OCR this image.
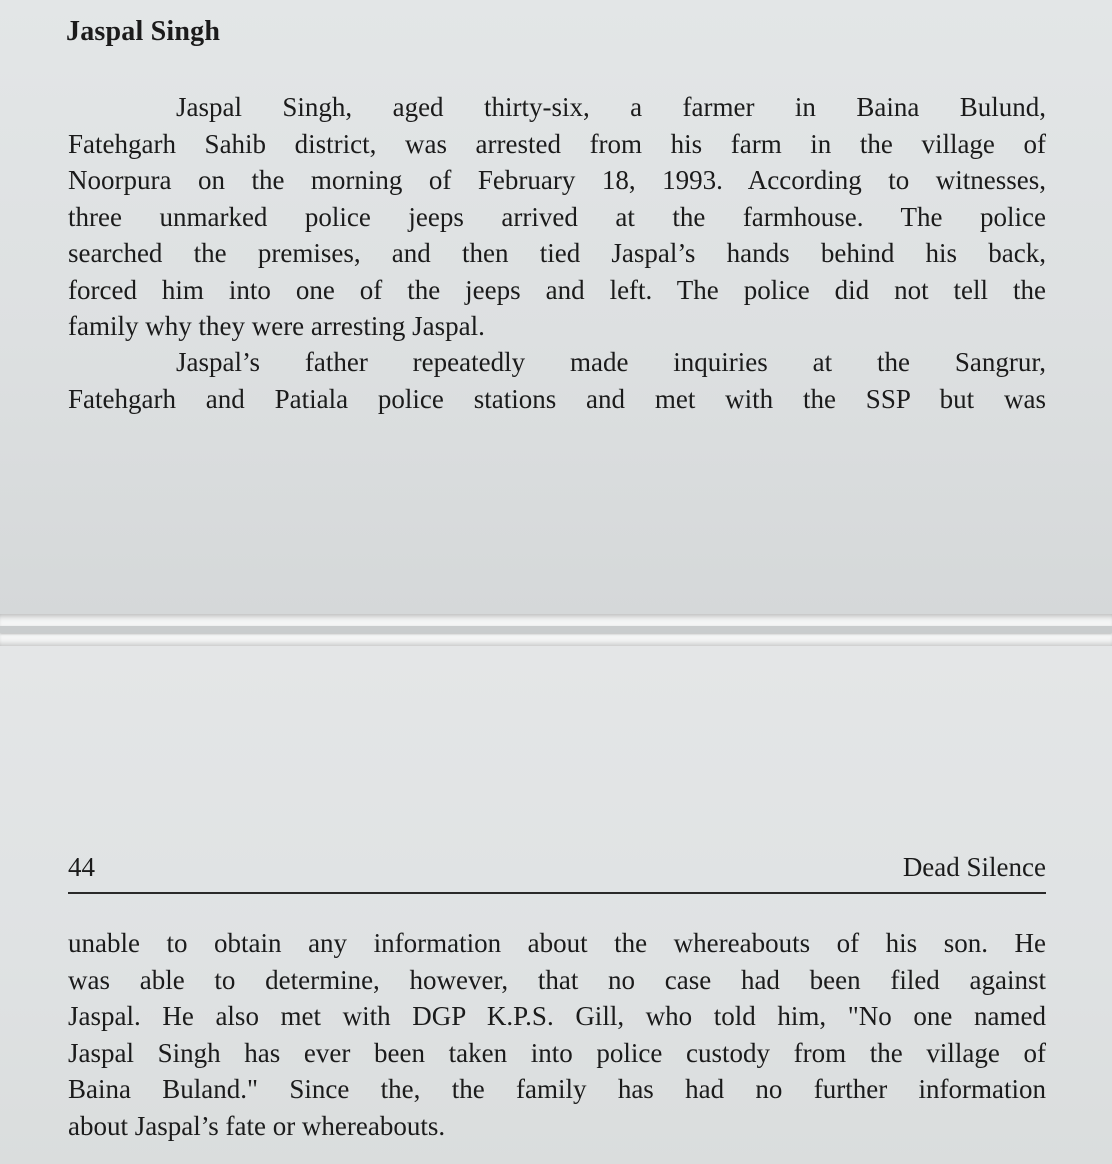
Jaspal Singh
Jaspal Singh, aged thirty-six, a farmer in Baina Bulund,
Fatehgarh Sahib district, was arrested from his farm in the village of
Noorpura on the morning of February 18, 1993. According to witnesses,
three unmarked police jeeps arrived at the farmhouse. The police
searched the premises, and then tied Jaspal’s hands behind his back,
forced him into one of the jeeps and left. The police did not tell the
family why they were arresting Jaspal.
Jaspal’s father repeatedly made inquiries at the Sangrur,
Fatehgarh and Patiala police stations and met with the SSP but was
44	Dead Silence
unable to obtain any information about the whereabouts of his son. He
was able to determine, however, that no case had been filed against
Jaspal. He also met with DGP K.P.S. Gill, who told him, "No one named
Jaspal Singh has ever been taken into police custody from the village of
Baina Buland." Since the, the family has had no further information
about Jaspal’s fate or whereabouts.
